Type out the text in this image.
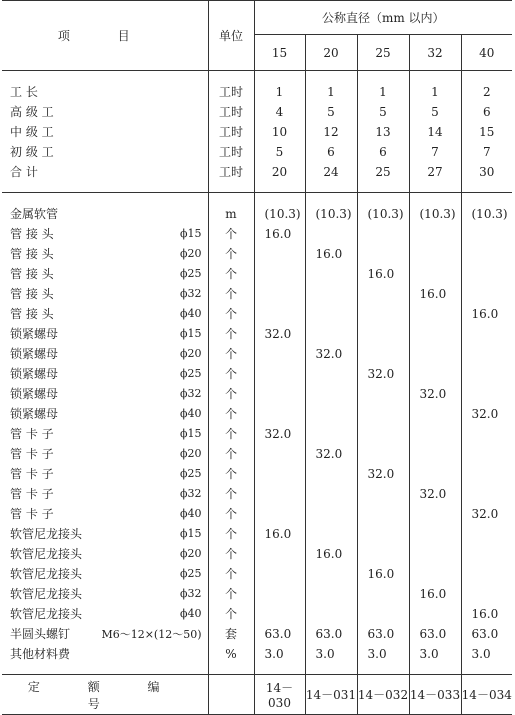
项 目	单位	公称直径（mm 以内）				
		15	20	25	32	40

工 长	工时	1	1	1	1	2

高 级 工	工时	4	5	5	5	6

中 级 工	工时	10	12	13	14	15

初 级 工	工时	5	6	6	7	7

合 计	工时	20	24	25	27	30

金属软管	m	(10.3)	(10.3)	(10.3)	(10.3)	(10.3)

管 接 头 ϕ15	个	16.0				

管 接 头 ϕ20	个		16.0			

管 接 头 ϕ25	个			16.0		

管 接 头 ϕ32	个				16.0	

管 接 头 ϕ40	个					16.0

锁紧螺母 ϕ15	个	32.0				

锁紧螺母 ϕ20	个		32.0			

锁紧螺母 ϕ25	个			32.0		

锁紧螺母 ϕ32	个				32.0	

锁紧螺母 ϕ40	个					32.0

管 卡 子 ϕ15	个	32.0				

管 卡 子 ϕ20	个		32.0			

管 卡 子 ϕ25	个			32.0		

管 卡 子 ϕ32	个				32.0	

管 卡 子 ϕ40	个					32.0

软管尼龙接头 ϕ15	个	16.0				

软管尼龙接头 ϕ20	个		16.0			

软管尼龙接头 ϕ25	个			16.0		

软管尼龙接头 ϕ32	个				16.0	

软管尼龙接头 ϕ40	个					16.0

半圆头螺钉 M6～12×(12～50)	套	63.0	63.0	63.0	63.0	63.0

其他材料费	%	3.0	3.0	3.0	3.0	3.0

定 额 编 号		14－030	14－031	14－032	14－033	14－034
